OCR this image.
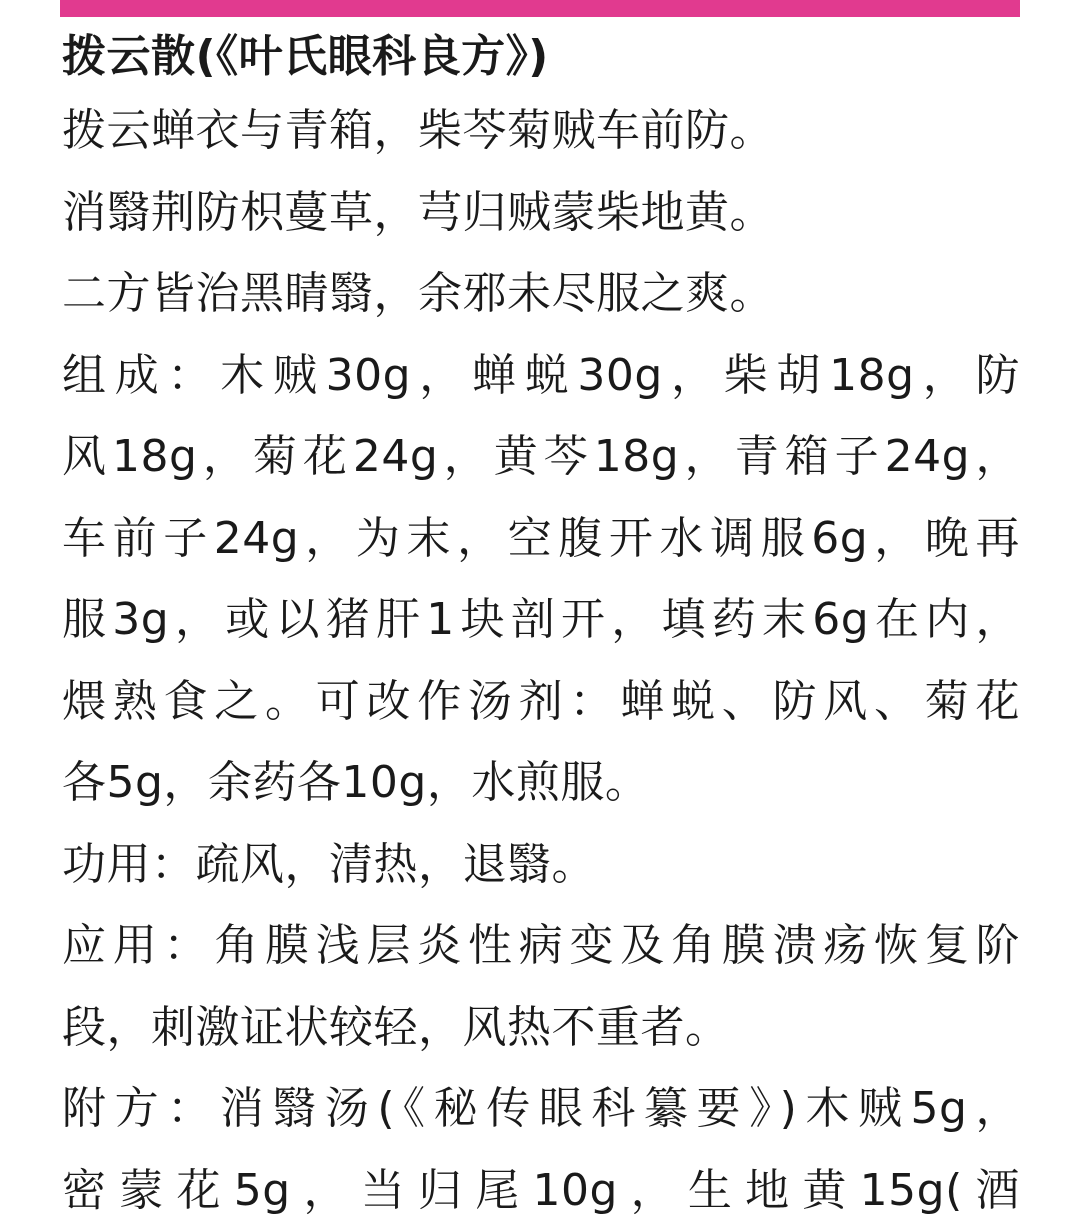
拨云散(《叶氏眼科良方》)

拨云蝉衣与青箱，柴芩菊贼车前防。

消翳荆防枳蔓草，芎归贼蒙柴地黄。

二方皆治黑睛翳，余邪未尽服之爽。

组成：木贼30g，蝉蜕30g，柴胡18g，防

风18g，菊花24g，黄芩18g，青箱子24g，

车前子24g，为末，空腹开水调服6g，晚再

服3g，或以猪肝1块剖开，填药末6g在内，

煨熟食之。可改作汤剂：蝉蜕、防风、菊花

各5g，余药各10g，水煎服。

功用：疏风，清热，退翳。

应用：角膜浅层炎性病变及角膜溃疡恢复阶

段，刺激证状较轻，风热不重者。

附方：消翳汤(《秘传眼科纂要》)木贼5g，

密蒙花5g，当归尾10g，生地黄15g(酒
